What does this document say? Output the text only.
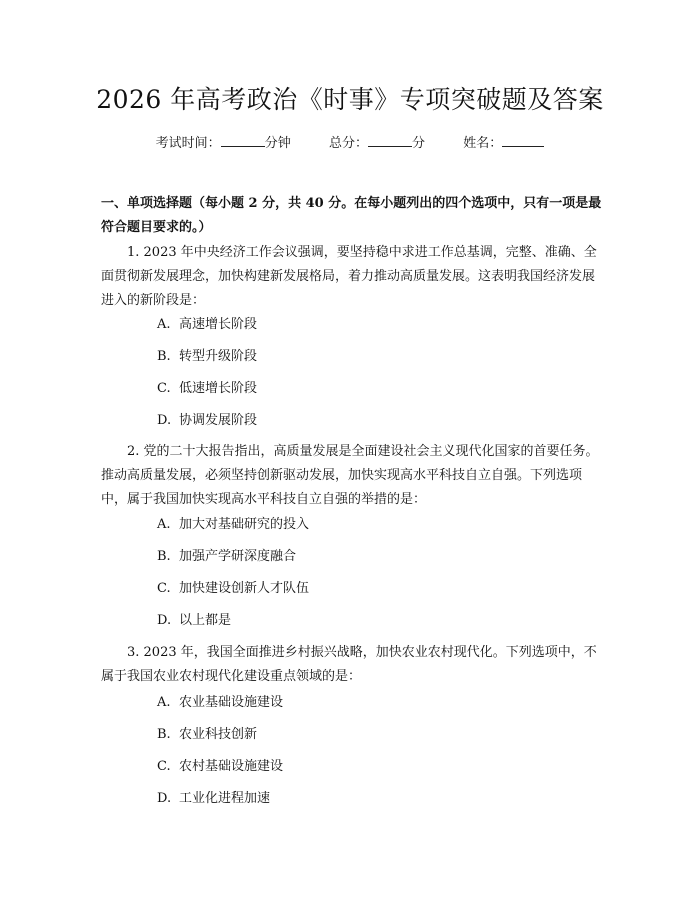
2026 年高考政治《时事》专项突破题及答案
考试时间：	分钟	总分：	分	姓名：
一、单项选择题（每小题 2 分，共 40 分。在每小题列出的四个选项中，只有一项是最符合题目要求的。）
1. 2023 年中央经济工作会议强调，要坚持稳中求进工作总基调，完整、准确、全面贯彻新发展理念，加快构建新发展格局，着力推动高质量发展。这表明我国经济发展进入的新阶段是：
A. 高速增长阶段
B. 转型升级阶段
C. 低速增长阶段
D. 协调发展阶段
2. 党的二十大报告指出，高质量发展是全面建设社会主义现代化国家的首要任务。推动高质量发展，必须坚持创新驱动发展，加快实现高水平科技自立自强。下列选项中，属于我国加快实现高水平科技自立自强的举措的是：
A. 加大对基础研究的投入
B. 加强产学研深度融合
C. 加快建设创新人才队伍
D. 以上都是
3. 2023 年，我国全面推进乡村振兴战略，加快农业农村现代化。下列选项中，不属于我国农业农村现代化建设重点领域的是：
A. 农业基础设施建设
B. 农业科技创新
C. 农村基础设施建设
D. 工业化进程加速
